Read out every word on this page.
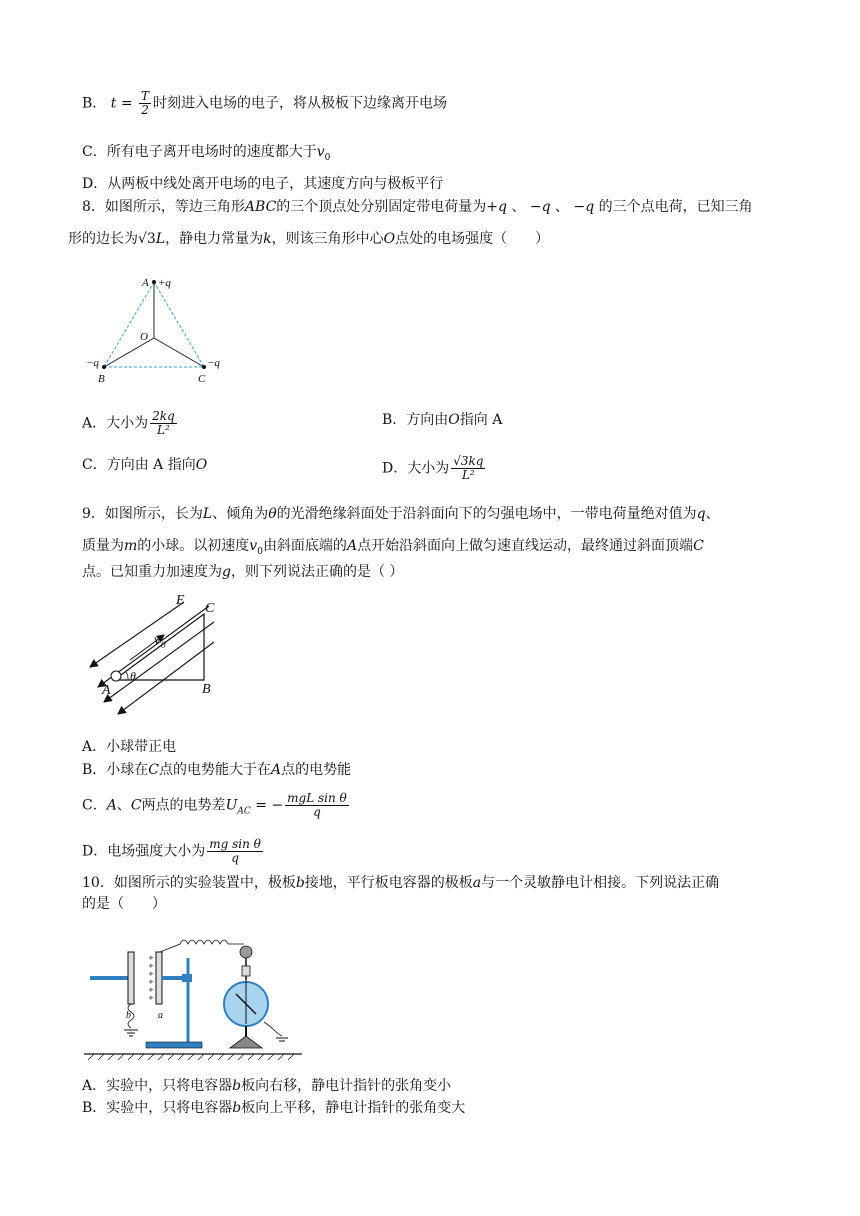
B． $t = \frac{T}{2}$ 时刻进入电场的电子，将从极板下边缘离开电场
C．所有电子离开电场时的速度都大于$v_0$
D．从两板中线处离开电场的电子，其速度方向与极板平行
8．如图所示，等边三角形ABC的三个顶点处分别固定带电荷量为+q 、 −q 、 −q 的三个点电荷，已知三角
形的边长为√3L，静电力常量为k，则该三角形中心O点处的电场强度（　　）
A +q
O
−q	−q
B	C
A．大小为 $\frac{2kq}{\text{L²}}$	B．方向由O指向 A
C．方向由 A 指向O	D．大小为 $\frac{√3kq}{\text{L²}}$
9．如图所示，长为L、倾角为θ的光滑绝缘斜面处于沿斜面向下的匀强电场中，一带电荷量绝对值为q、
质量为m的小球。以初速度$v_0$由斜面底端的A点开始沿斜面向上做匀速直线运动，最终通过斜面顶端C
点。已知重力加速度为g，则下列说法正确的是（ ）
E
C
v 0
θ
A	B
A．小球带正电
B．小球在C点的电势能大于在A点的电势能
C．A、C两点的电势差$U_{AC}$ = − $\frac{\text{mgL sin θ}}{q}$
D．电场强度大小为 $\frac{\text{mg sin θ}}{q}$
10．如图所示的实验装置中，极板b接地，平行板电容器的极板a与一个灵敏静电计相接。下列说法正确
的是（　　）
b
+
+
+
+
+
+
a
A．实验中，只将电容器b板向右移，静电计指针的张角变小
B．实验中，只将电容器b板向上平移，静电计指针的张角变大
